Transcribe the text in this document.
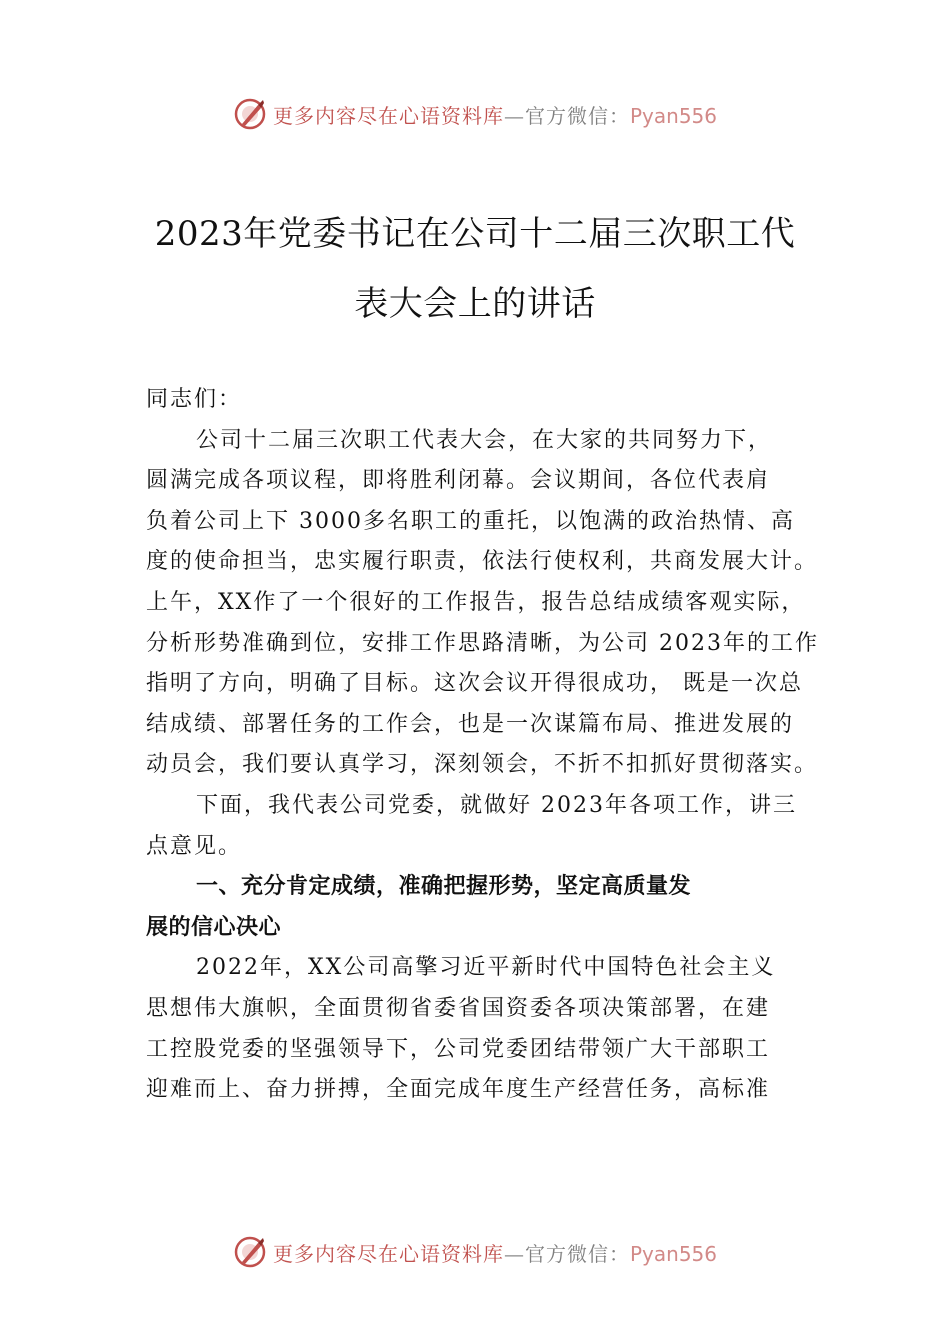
更多内容尽在心语资料库—官方微信：Pyan556
2023年党委书记在公司十二届三次职工代
表大会上的讲话
同志们：
公司十二届三次职工代表大会，在大家的共同努力下，
圆满完成各项议程，即将胜利闭幕。会议期间，各位代表肩
负着公司上下 3000多名职工的重托，以饱满的政治热情、高
度的使命担当，忠实履行职责，依法行使权利，共商发展大计。
上午，XX作了一个很好的工作报告，报告总结成绩客观实际，
分析形势准确到位，安排工作思路清晰，为公司 2023年的工作
指明了方向，明确了目标。这次会议开得很成功， 既是一次总
结成绩、部署任务的工作会，也是一次谋篇布局、推进发展的
动员会，我们要认真学习，深刻领会，不折不扣抓好贯彻落实。
下面，我代表公司党委，就做好 2023年各项工作，讲三
点意见。
一、充分肯定成绩，准确把握形势，坚定高质量发
展的信心决心
2022年，XX公司高擎习近平新时代中国特色社会主义
思想伟大旗帜，全面贯彻省委省国资委各项决策部署，在建
工控股党委的坚强领导下，公司党委团结带领广大干部职工
迎难而上、奋力拼搏，全面完成年度生产经营任务，高标准
更多内容尽在心语资料库—官方微信：Pyan556
